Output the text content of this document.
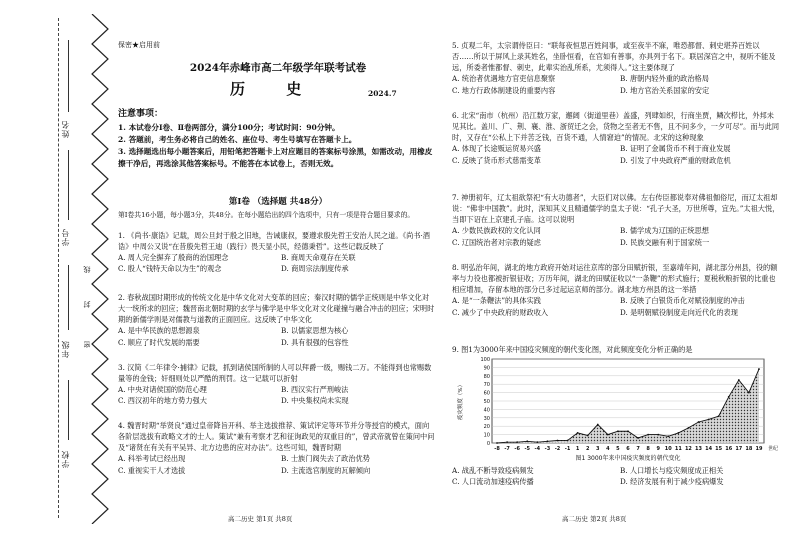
学校
年级
学号
姓名
密
封
线
保密★启用前
2024年赤峰市高二年级学年联考试卷
历 史	2024.7
注意事项：

1. 本试卷分Ⅰ卷、Ⅱ卷两部分，满分100分；考试时间：90分钟。

2. 答题前，考生务必将自己的姓名、座位号、考生号填写在答题卡上。

3. 选择题选出每小题答案后，用铅笔把答题卡上对应题目的答案标号涂黑，如需改动，用橡皮擦干净后，再选涂其他答案标号。不能答在本试卷上，否则无效。

第Ⅰ卷 （选择题 共48分）

第I卷共16小题，每小题3分，共48分。在每小题给出的四个选项中，只有一项是符合题目要求的。

1. 《尚书·康诰》记载，周公旦封于殷之旧地，告诫康叔，要遵求殷先哲王安治人民之道。《尚书·酒诰》中周公又说“在昔殷先哲王迪（践行）畏天显小民，经德秉哲”。这些记载反映了

A. 周人完全摒弃了殷商的治国理念	B. 商周天命观存在关联
C. 殷人“钱特天命以为生”的观念	D. 商周宗法制度传承

2. 春秋战国时期形成的传统文化是中华文化对大变革的回应；秦汉时期的儒学正统则是中华文化对大一统所求的回应；魏晋南北朝时期的玄学与佛学是中华文化对文化碰撞与融合冲击的回应；宋明时期的新儒学则是对儒教与道教的正面回应。这反映了中华文化

A. 是中华民族的思想源泉	B. 以儒家思想为核心
C. 顺应了时代发展的需要	D. 具有很强的包容性

3. 汉简《二年律令·捕律》记载，抓到诸侯国所制的人可以拜爵一级，赐钱二万。不能得到也常赐数量等的金钱；奸细则处以严酷的刑罚。这一记载可以折射

A. 中央对诸侯国的防范心理	B. 西汉实行严刑峻法
C. 西汉初年的地方势力强大	D. 中央集权尚未实现

4. 魏晋时期“举贤良”通过皇帝降旨开科、举主选拔推荐、策试评定等环节并分等授官的模式，面向各阶层选拔有政略文才的士人。策试“兼有考察才艺和征询政见的双重目的”，曾武帝就曾在策问中问及“诸贤在有关有平吴异、北方边患的应对办法”。这些可知，魏晋时期

A. 科举考试已经出现	B. 士族门阀失去了政治优势
C. 重视实干人才选拔	D. 主流选官制度的瓦解倾向
高二历史 第1页 共8页

5. 贞观二年，太宗谓侍臣曰：“联每夜恒思百姓间事，或至夜半不寐，唯恐都督、刺史堪养百姓以否……所以于屏风上录其姓名，坐卧恒看，在官如有善事，亦具列于名下。联居深宫之中，视听不能及远，所委者惟都督、刺史，此辈实治乱所系，尤须得人。”这主要体现了

A. 统治者优遇地方官吏信息聚察	B. 唐朝内轻外重的政治格局
C. 地方行政体制建设的重要内容	D. 地方官治关系国家的安定

6. 北宋“南市（杭州）沿江数万家，邂阔（街道里巷）盖盛，列肆如织，行商坐贾，鳞次栉比，外邦未见其比。盖川、广、荆、襄、淮、浙贸迁之会，货物之至者无不售，且不问多少，一夕可尽”。而与此同时，又存在“公私上下并苦乏钱，百货不通，人情窘迫”的情况。北宋的这种现象

A. 体现了长途贩运贸易兴盛	B. 证明了金属货币不利于商业发展
C. 反映了货币形式慈需变革	D. 引发了中央政府严重的财政危机

7. 神册初年，辽太祖欲祭祀“有大功德者”，大臣们对以佛。左右传臣都说奉对佛祖伽俗尼，而辽太祖却说：“佛非中国教”。此时，深知其义且精通儒学的皇太子说：“孔子大圣，万世所尊，宜先。”太祖大悦，当即下诏在上京建孔子庙。这可以说明

A. 少数民族政权的文化认同	B. 儒学成为辽国的正统思想
C. 辽国统治者对宗教的疑虑	D. 民族交融有利于国家统一

8. 明弘治年间，湖北的地方政府开始对运往京库的部分田赋折银，至嘉靖年间，湖北部分州县，役的额率与力役也都被折银征收；万历年间，湖北的田赋征收以“一条鞭”的形式施行；夏税秋粮折银的比重也相应增加，存留本地的部分已多过起运京师的部分。湖北地方州县的这一举措

A. 是“一条鞭法”的具体实践	B. 反映了白银货币化对赋役制度的冲击
C. 减少了中央政府的财政收入	D. 是明朝赋役制度走向近代化的表现

9. 图1为3000年来中国疫灾频度的朝代变化图，对此频度变化分析正确的是

0
10
20
30
40
50
60
70
80
90
100
-8 -7 -6 -5 -4 -3 -2 -1 1 2 3 4 5 6 7 8 9 10 11 12 13 14 15 16 17 18 19
疫灾频度（%）
世纪
图1 3000年来中国疫灾频度的朝代变化
A. 战乱不断导致疫病频发	B. 人口增长与疫灾频度成正相关
C. 人口流动加速疫病传播	D. 经济发展有利于减少疫病爆发
高二历史 第2页 共8页
